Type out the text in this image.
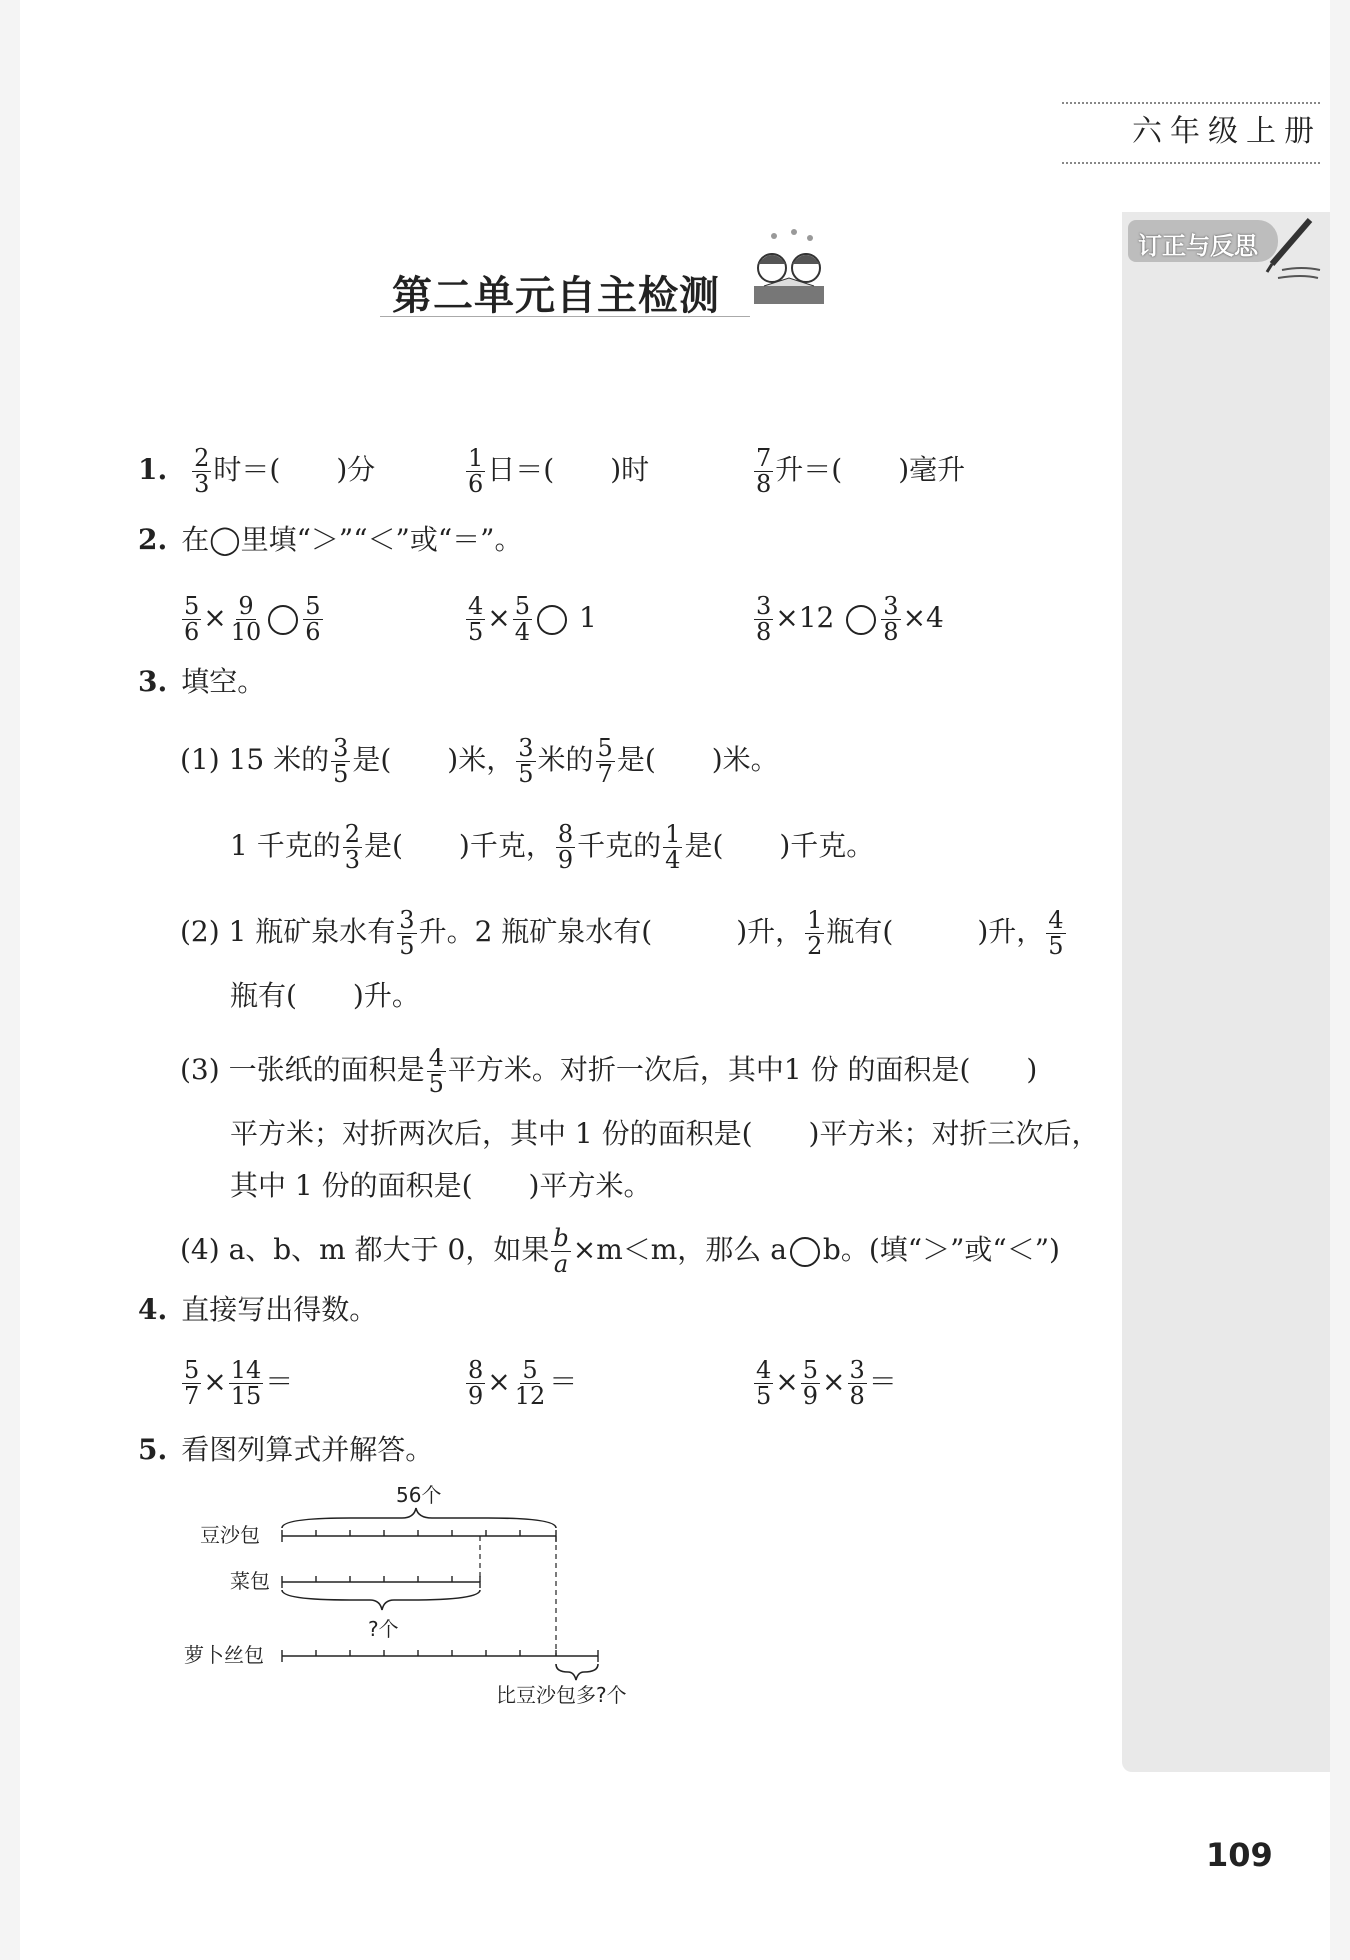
六年级上册
订正与反思
第二单元自主检测
1. $\frac{2}{3}$ 时＝(　　)分	$\frac{1}{6}$ 日＝(　　)时	$\frac{7}{8}$ 升＝(　　)毫升
2. 在◯里填“＞”“＜”或“＝”。
$\frac{5}{6} \times \frac{9}{10} \frac{5}{6}$	$\frac{4}{5} \times \frac{5}{4} 1$	$\frac{3}{8} \times 12 \frac{3}{8} \times 4$
3. 填空。
(1) 15 米的 $\frac{3}{5}$ 是(　　)米， $\frac{3}{5}$ 米的 $\frac{5}{7}$ 是(　　)米。
1 千克的 $\frac{2}{3}$ 是(　　)千克， $\frac{8}{9}$ 千克的 $\frac{1}{4}$ 是(　　)千克。
(2) 1 瓶矿泉水有 $\frac{3}{5}$ 升。2 瓶矿泉水有(　　　)升， $\frac{1}{2}$ 瓶有(　　　)升， $\frac{4}{5}$
瓶有(　　)升。
(3) 一张纸的面积是 $\frac{4}{5}$ 平方米。对折一次后，其中1 份 的面积是(　　)
平方米；对折两次后，其中 1 份的面积是(　　)平方米；对折三次后，
其中 1 份的面积是(　　)平方米。
(4) a、b、m 都大于 0，如果 $\frac{b}{a} \times m<m$，那么 a b。(填“＞”或“＜”)
4. 直接写出得数。
$\frac{5}{7} \times \frac{14}{15}$ ＝	$\frac{8}{9} \times \frac{5}{12}$ ＝	$\frac{4}{5} \times \frac{5}{9} \times \frac{3}{8}$ ＝
5. 看图列算式并解答。
56个
豆沙包
菜包
?个
萝卜丝包
比豆沙包多?个
109
